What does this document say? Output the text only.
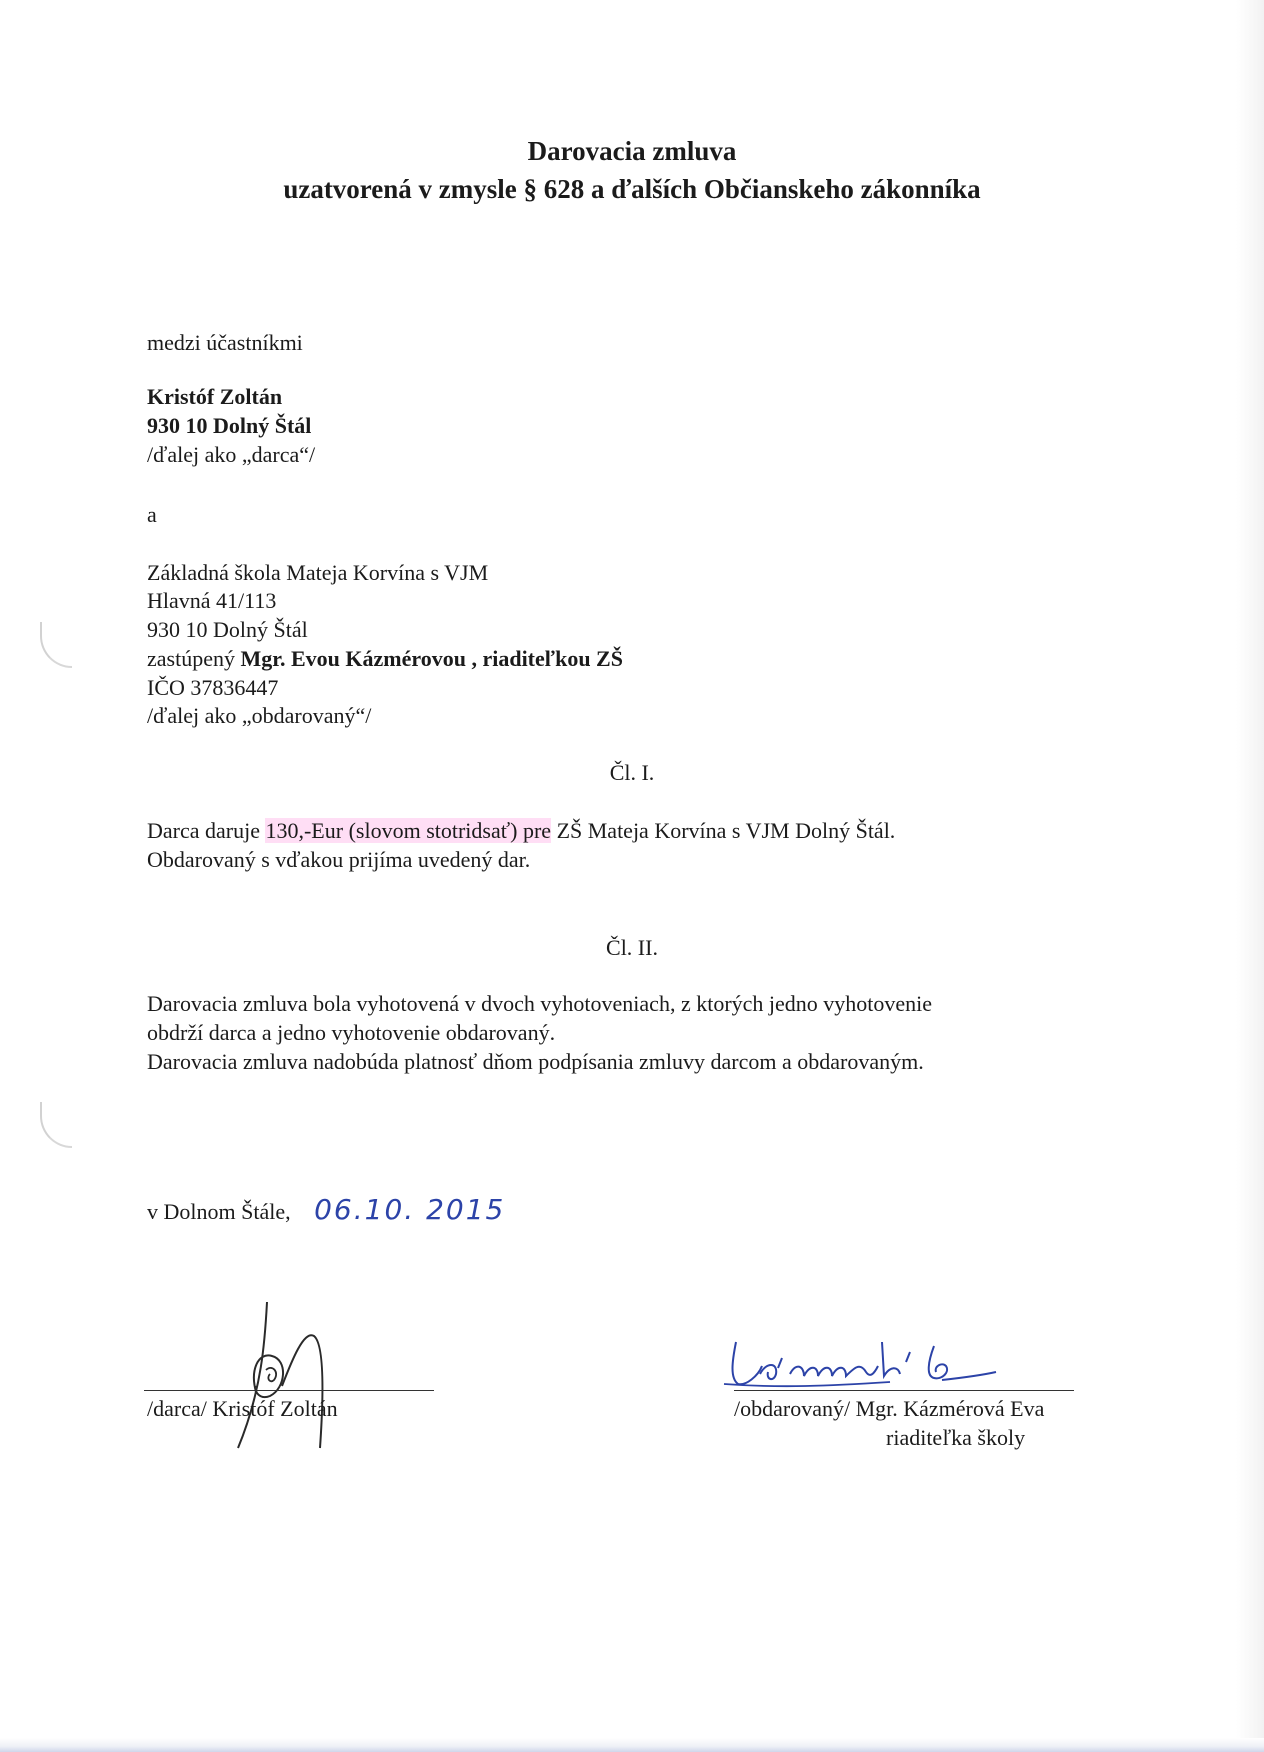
Darovacia zmluva
uzatvorená v zmysle § 628 a ďalších Občianskeho zákonníka
medzi účastníkmi
Kristóf Zoltán
930 10 Dolný Štál
/ďalej ako „darca“/
a
Základná škola Mateja Korvína s VJM
Hlavná 41/113
930 10 Dolný Štál
zastúpený Mgr. Evou Kázmérovou , riaditeľkou ZŠ
IČO 37836447
/ďalej ako „obdarovaný“/
Čl. I.
Darca daruje 130,-Eur (slovom stotridsať) pre ZŠ Mateja Korvína s VJM Dolný Štál.
Obdarovaný s vďakou prijíma uvedený dar.
Čl. II.
Darovacia zmluva bola vyhotovená v dvoch vyhotoveniach, z ktorých jedno vyhotovenie
obdrží darca a jedno vyhotovenie obdarovaný.
Darovacia zmluva nadobúda platnosť dňom podpísania zmluvy darcom a obdarovaným.
v Dolnom Štále, 06.10. 2015
/darca/ Kristóf Zoltán	/obdarovaný/ Mgr. Kázmérová Eva
riaditeľka školy
